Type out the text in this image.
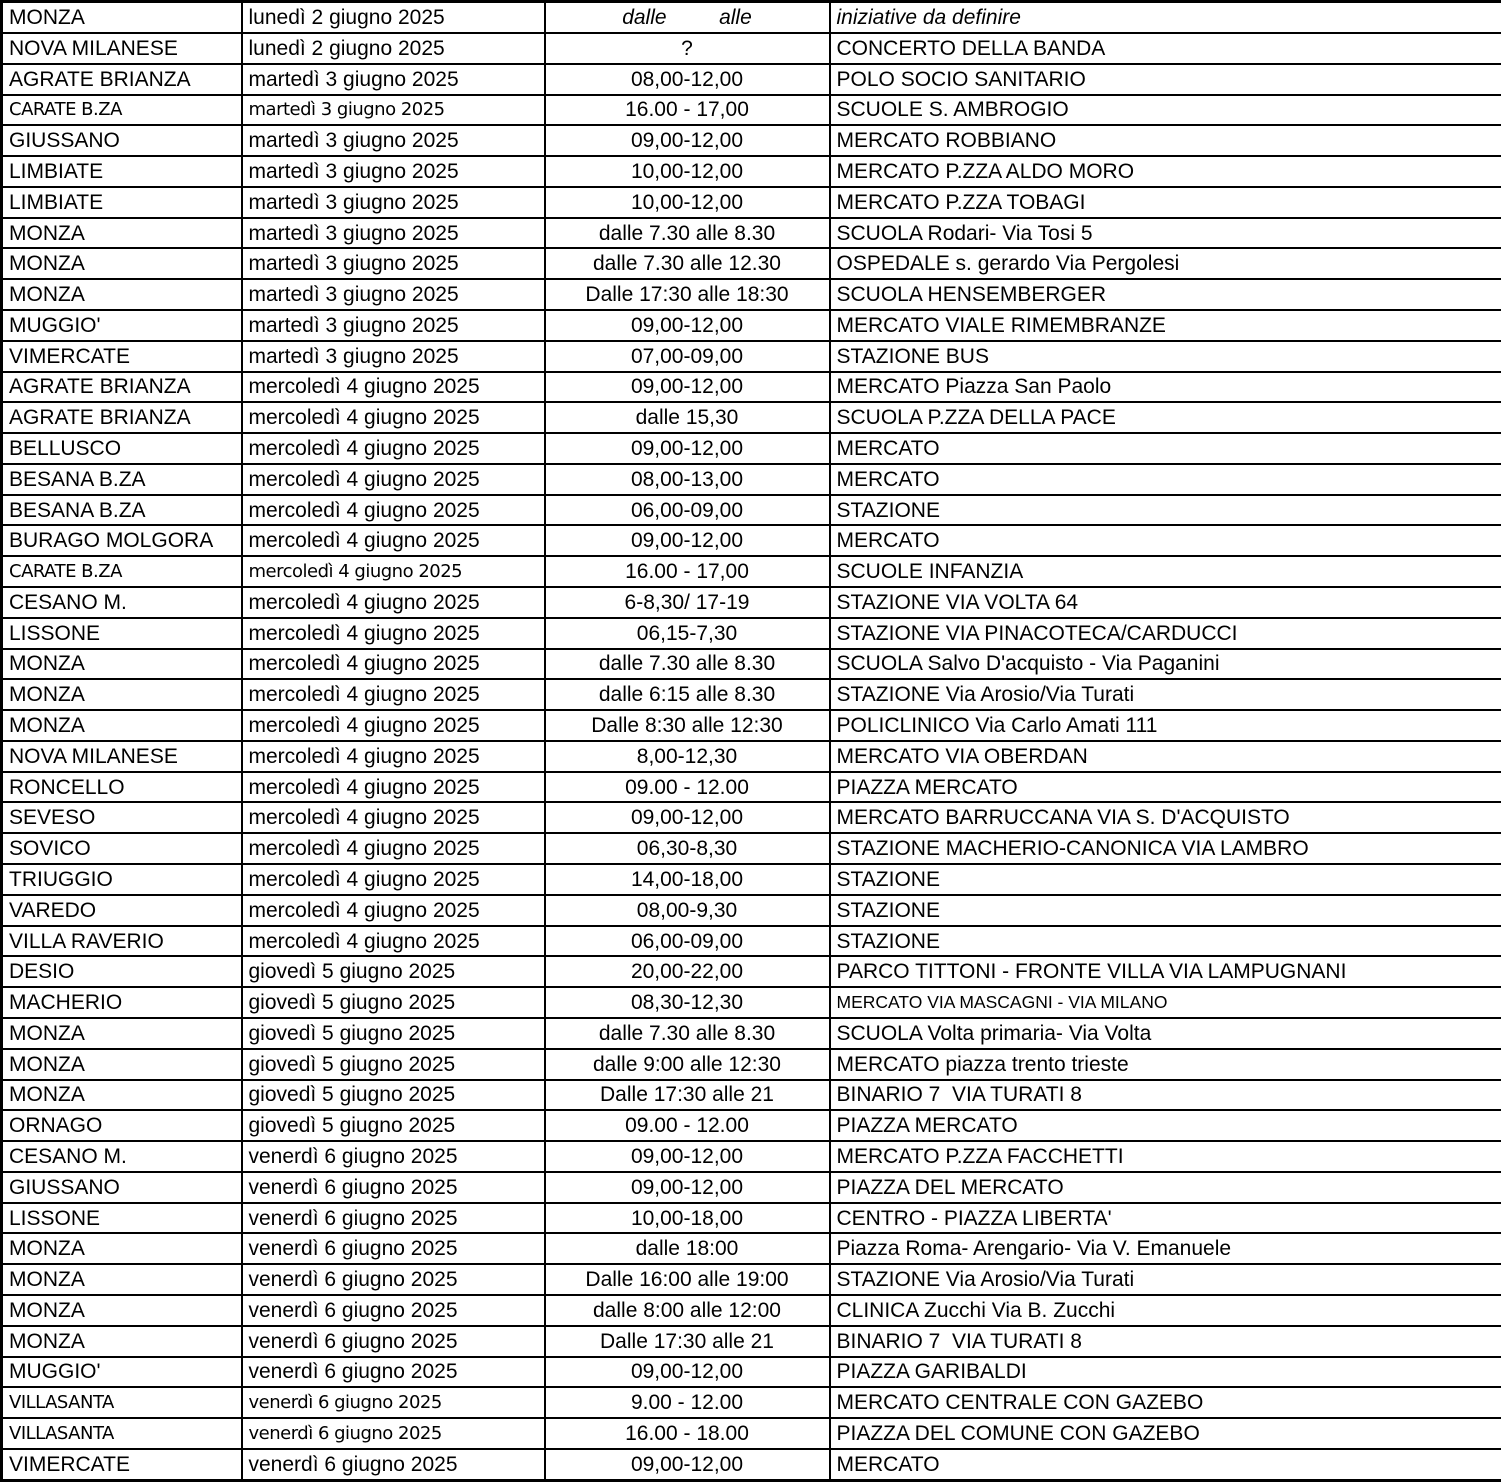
MONZA	lunedì 2 giugno 2025	dalle         alle	iniziative da definire
NOVA MILANESE	lunedì 2 giugno 2025	?	CONCERTO DELLA BANDA
AGRATE BRIANZA	martedì 3 giugno 2025	08,00-12,00	POLO SOCIO SANITARIO
CARATE B.ZA	martedì 3 giugno 2025	16.00 - 17,00	SCUOLE S. AMBROGIO
GIUSSANO	martedì 3 giugno 2025	09,00-12,00	MERCATO ROBBIANO
LIMBIATE	martedì 3 giugno 2025	10,00-12,00	MERCATO P.ZZA ALDO MORO
LIMBIATE	martedì 3 giugno 2025	10,00-12,00	MERCATO P.ZZA TOBAGI
MONZA	martedì 3 giugno 2025	dalle 7.30 alle 8.30	SCUOLA Rodari- Via Tosi 5
MONZA	martedì 3 giugno 2025	dalle 7.30 alle 12.30	OSPEDALE s. gerardo Via Pergolesi
MONZA	martedì 3 giugno 2025	Dalle 17:30 alle 18:30	SCUOLA HENSEMBERGER
MUGGIO'	martedì 3 giugno 2025	09,00-12,00	MERCATO VIALE RIMEMBRANZE
VIMERCATE	martedì 3 giugno 2025	07,00-09,00	STAZIONE BUS
AGRATE BRIANZA	mercoledì 4 giugno 2025	09,00-12,00	MERCATO Piazza San Paolo
AGRATE BRIANZA	mercoledì 4 giugno 2025	dalle 15,30	SCUOLA P.ZZA DELLA PACE
BELLUSCO	mercoledì 4 giugno 2025	09,00-12,00	MERCATO
BESANA B.ZA	mercoledì 4 giugno 2025	08,00-13,00	MERCATO
BESANA B.ZA	mercoledì 4 giugno 2025	06,00-09,00	STAZIONE
BURAGO MOLGORA	mercoledì 4 giugno 2025	09,00-12,00	MERCATO
CARATE B.ZA	mercoledì 4 giugno 2025	16.00 - 17,00	SCUOLE INFANZIA
CESANO M.	mercoledì 4 giugno 2025	6-8,30/ 17-19	STAZIONE VIA VOLTA 64
LISSONE	mercoledì 4 giugno 2025	06,15-7,30	STAZIONE VIA PINACOTECA/CARDUCCI
MONZA	mercoledì 4 giugno 2025	dalle 7.30 alle 8.30	SCUOLA Salvo D'acquisto - Via Paganini
MONZA	mercoledì 4 giugno 2025	dalle 6:15 alle 8.30	STAZIONE Via Arosio/Via Turati
MONZA	mercoledì 4 giugno 2025	Dalle 8:30 alle 12:30	POLICLINICO Via Carlo Amati 111
NOVA MILANESE	mercoledì 4 giugno 2025	8,00-12,30	MERCATO VIA OBERDAN
RONCELLO	mercoledì 4 giugno 2025	09.00 - 12.00	PIAZZA MERCATO
SEVESO	mercoledì 4 giugno 2025	09,00-12,00	MERCATO BARRUCCANA VIA S. D'ACQUISTO
SOVICO	mercoledì 4 giugno 2025	06,30-8,30	STAZIONE MACHERIO-CANONICA VIA LAMBRO
TRIUGGIO	mercoledì 4 giugno 2025	14,00-18,00	STAZIONE
VAREDO	mercoledì 4 giugno 2025	08,00-9,30	STAZIONE
VILLA RAVERIO	mercoledì 4 giugno 2025	06,00-09,00	STAZIONE
DESIO	giovedì 5 giugno 2025	20,00-22,00	PARCO TITTONI - FRONTE VILLA VIA LAMPUGNANI
MACHERIO	giovedì 5 giugno 2025	08,30-12,30	MERCATO VIA MASCAGNI - VIA MILANO
MONZA	giovedì 5 giugno 2025	dalle 7.30 alle 8.30	SCUOLA Volta primaria- Via Volta
MONZA	giovedì 5 giugno 2025	dalle 9:00 alle 12:30	MERCATO piazza trento trieste
MONZA	giovedì 5 giugno 2025	Dalle 17:30 alle 21	BINARIO 7  VIA TURATI 8
ORNAGO	giovedì 5 giugno 2025	09.00 - 12.00	PIAZZA MERCATO
CESANO M.	venerdì 6 giugno 2025	09,00-12,00	MERCATO P.ZZA FACCHETTI
GIUSSANO	venerdì 6 giugno 2025	09,00-12,00	PIAZZA DEL MERCATO
LISSONE	venerdì 6 giugno 2025	10,00-18,00	CENTRO - PIAZZA LIBERTA'
MONZA	venerdì 6 giugno 2025	dalle 18:00	Piazza Roma- Arengario- Via V. Emanuele
MONZA	venerdì 6 giugno 2025	Dalle 16:00 alle 19:00	STAZIONE Via Arosio/Via Turati
MONZA	venerdì 6 giugno 2025	dalle 8:00 alle 12:00	CLINICA Zucchi Via B. Zucchi
MONZA	venerdì 6 giugno 2025	Dalle 17:30 alle 21	BINARIO 7  VIA TURATI 8
MUGGIO'	venerdì 6 giugno 2025	09,00-12,00	PIAZZA GARIBALDI
VILLASANTA	venerdì 6 giugno 2025	9.00 - 12.00	MERCATO CENTRALE CON GAZEBO
VILLASANTA	venerdì 6 giugno 2025	16.00 - 18.00	PIAZZA DEL COMUNE CON GAZEBO
VIMERCATE	venerdì 6 giugno 2025	09,00-12,00	MERCATO
